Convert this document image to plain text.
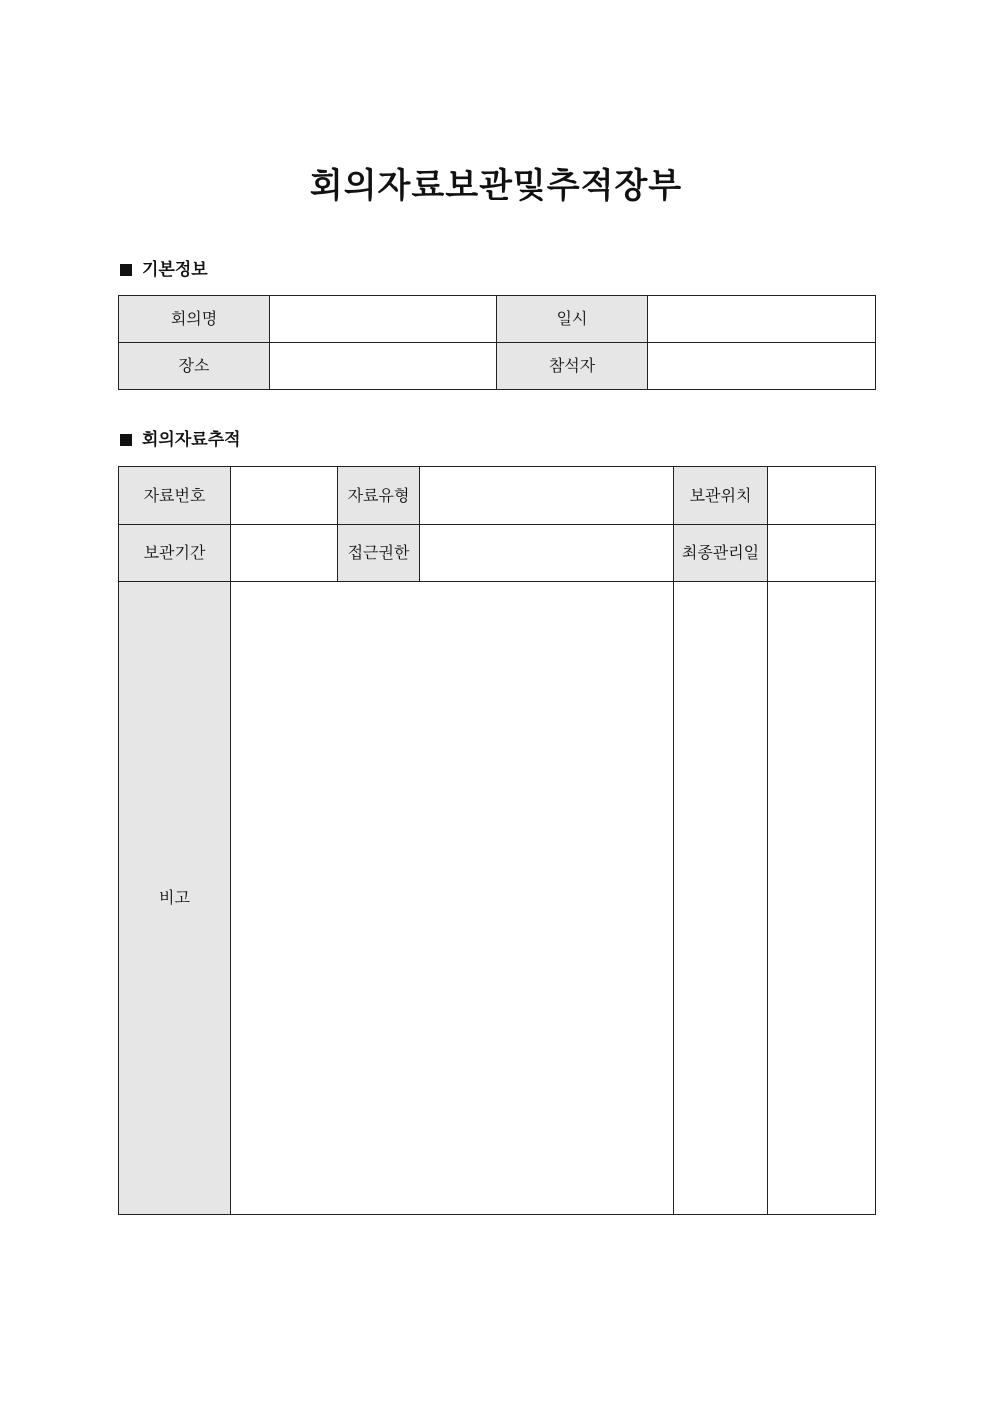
회의자료보관및추적장부
기본정보
회의명		일시	
장소		참석자	
회의자료추적
자료번호		자료유형		보관위치	
보관기간		접근권한		최종관리일	
비고					
